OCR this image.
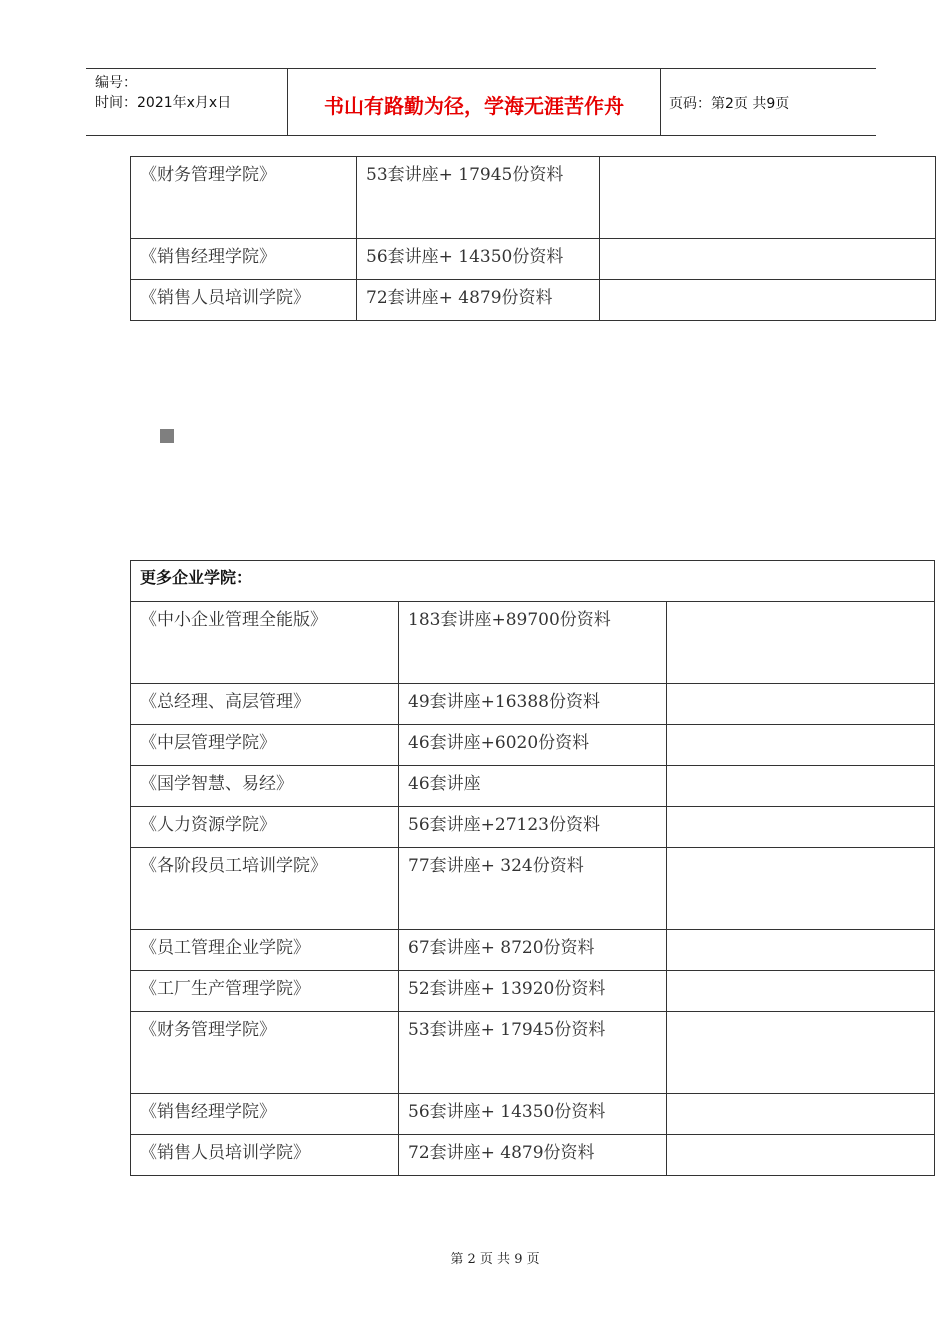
编号：
时间：2021年x月x日	书山有路勤为径，学海无涯苦作舟	页码：第2页 共9页
《财务管理学院》	53套讲座+ 17945份资料	

《销售经理学院》	56套讲座+ 14350份资料	

《销售人员培训学院》	72套讲座+ 4879份资料	

更多企业学院：		

《中小企业管理全能版》	183套讲座+89700份资料	

《总经理、高层管理》	49套讲座+16388份资料	

《中层管理学院》	46套讲座+6020份资料	

《国学智慧、易经》	46套讲座	

《人力资源学院》	56套讲座+27123份资料	

《各阶段员工培训学院》	77套讲座+ 324份资料	

《员工管理企业学院》	67套讲座+ 8720份资料	

《工厂生产管理学院》	52套讲座+ 13920份资料	

《财务管理学院》	53套讲座+ 17945份资料	

《销售经理学院》	56套讲座+ 14350份资料	

《销售人员培训学院》	72套讲座+ 4879份资料	

第 2 页 共 9 页
